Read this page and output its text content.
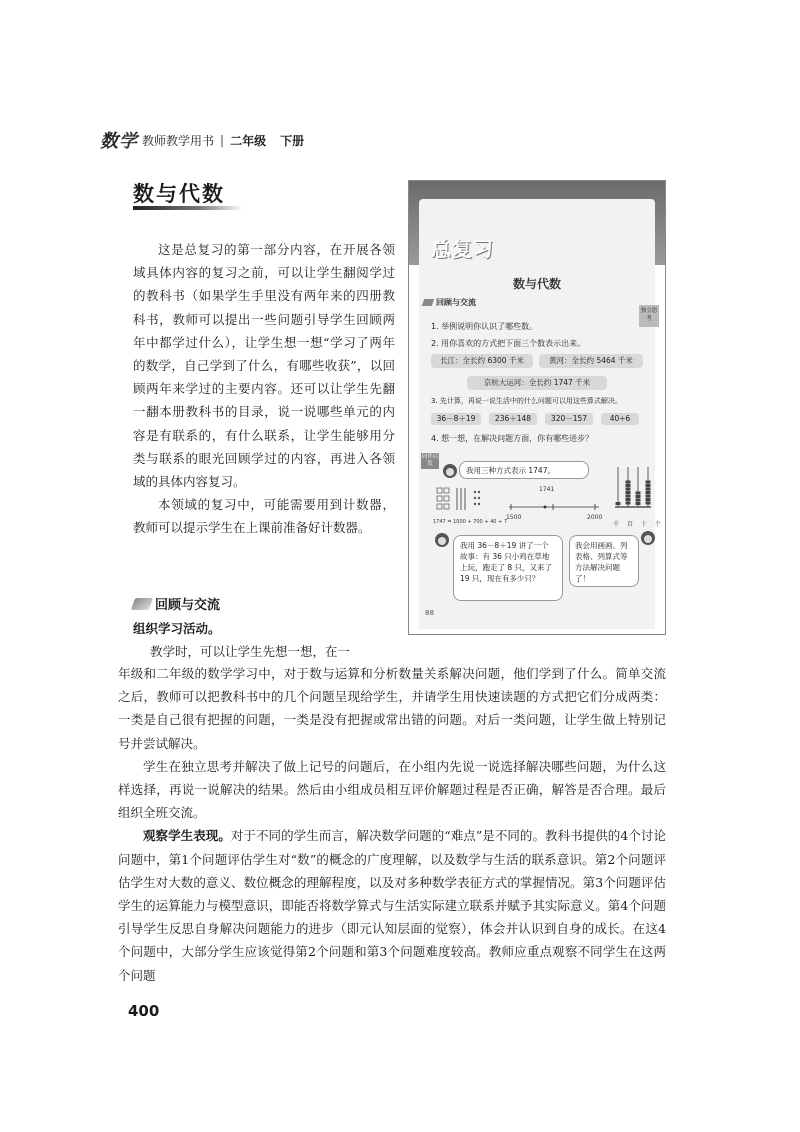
数学 教师教学用书 | 二年级 下册
数与代数

这是总复习的第一部分内容，在开展各领域具体内容的复习之前，可以让学生翻阅学过的教科书（如果学生手里没有两年来的四册教科书，教师可以提出一些问题引导学生回顾两年中都学过什么），让学生想一想“学习了两年的数学，自己学到了什么，有哪些收获”，以回顾两年来学过的主要内容。还可以让学生先翻一翻本册教科书的目录，说一说哪些单元的内容是有联系的，有什么联系，让学生能够用分类与联系的眼光回顾学过的内容，再进入各领域的具体内容复习。

本领域的复习中，可能需要用到计数器，教师可以提示学生在上课前准备好计数器。

回顾与交流
组织学习活动。
教学时，可以让学生先想一想，在一

年级和二年级的数学学习中，对于数与运算和分析数量关系解决问题，他们学到了什么。简单交流之后，教师可以把教科书中的几个问题呈现给学生，并请学生用快速读题的方式把它们分成两类：一类是自己很有把握的问题，一类是没有把握或常出错的问题。对后一类问题，让学生做上特别记号并尝试解决。

学生在独立思考并解决了做上记号的问题后，在小组内先说一说选择解决哪些问题，为什么这样选择，再说一说解决的结果。然后由小组成员相互评价解题过程是否正确，解答是否合理。最后组织全班交流。

观察学生表现。对于不同的学生而言，解决数学问题的“难点”是不同的。教科书提供的4个讨论问题中，第1个问题评估学生对“数”的概念的广度理解，以及数学与生活的联系意识。第2个问题评估学生对大数的意义、数位概念的理解程度，以及对多种数学表征方式的掌握情况。第3个问题评估学生的运算能力与模型意识，即能否将数学算式与生活实际建立联系并赋予其实际意义。第4个问题引导学生反思自身解决问题能力的进步（即元认知层面的觉察），体会并认识到自身的成长。在这4个问题中，大部分学生应该觉得第2个问题和第3个问题难度较高。教师应重点观察不同学生在这两个问题

400
总复习
数与代数
回顾与交流
独立思考
1. 举例说明你认识了哪些数。
2. 用你喜欢的方式把下面三个数表示出来。
长江：全长约 6300 千米	黄河：全长约 5464 千米
京杭大运河：全长约 1747 千米
3. 先计算，再说一说生活中的什么问题可以用这些算式解决。
36－8＋19	236＋148	320－157	40÷6
4. 想一想，在解决问题方面，你有哪些进步？
同伴启发
我用三种方式表示 1747。
1747 = 1000 + 700 + 40 + 7
1741
1500	2000
千 百 十 个
我用 36－8＋19 讲了一个故事：有 36 只小鸡在草地上玩，跑走了 8 只，又来了 19 只，现在有多少只？
我会用画画、列表格、列算式等方法解决问题了！
88
